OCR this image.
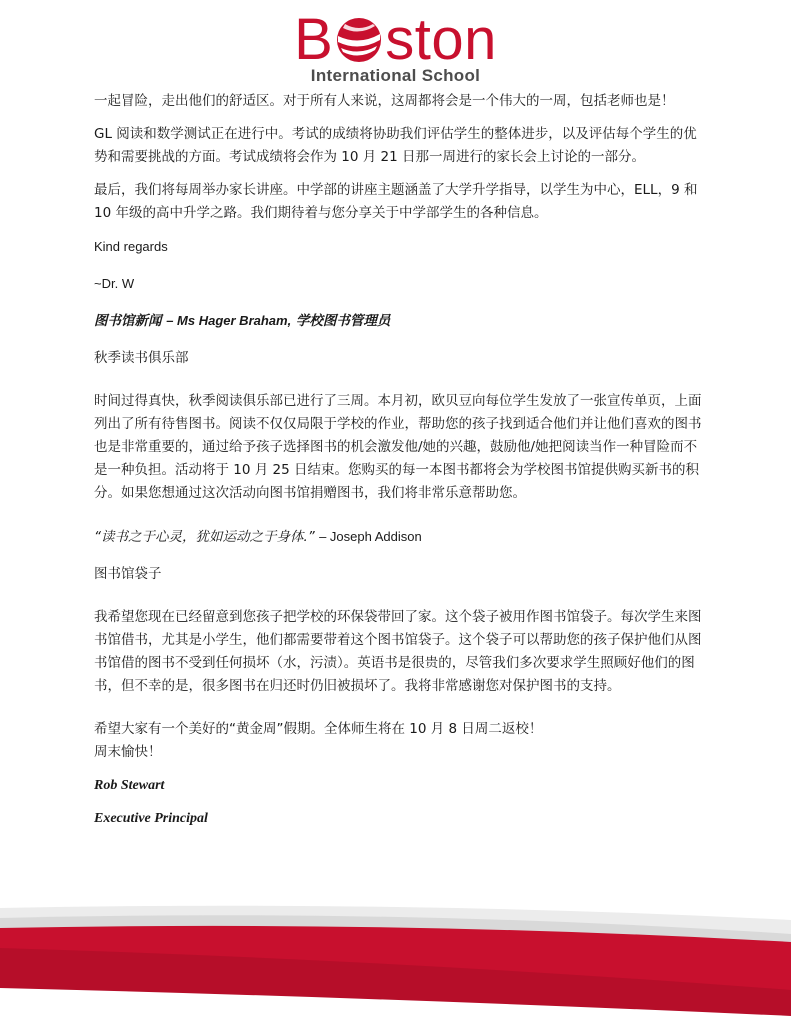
B ston
International School

一起冒险，走出他们的舒适区。对于所有人来说，这周都将会是一个伟大的一周，包括老师也是！

GL 阅读和数学测试正在进行中。考试的成绩将协助我们评估学生的整体进步，以及评估每个学生的优势和需要挑战的方面。考试成绩将会作为 10 月 21 日那一周进行的家长会上讨论的一部分。

最后，我们将每周举办家长讲座。中学部的讲座主题涵盖了大学升学指导，以学生为中心，ELL，9 和 10 年级的高中升学之路。我们期待着与您分享关于中学部学生的各种信息。

Kind regards

~Dr. W

图书馆新闻 – Ms Hager Braham, 学校图书管理员

秋季读书俱乐部

时间过得真快，秋季阅读俱乐部已进行了三周。本月初，欧贝豆向每位学生发放了一张宣传单页，上面列出了所有待售图书。阅读不仅仅局限于学校的作业，帮助您的孩子找到适合他们并让他们喜欢的图书也是非常重要的，通过给予孩子选择图书的机会激发他/她的兴趣，鼓励他/她把阅读当作一种冒险而不是一种负担。活动将于 10 月 25 日结束。您购买的每一本图书都将会为学校图书馆提供购买新书的积分。如果您想通过这次活动向图书馆捐赠图书，我们将非常乐意帮助您。

“读书之于心灵，犹如运动之于身体.” – Joseph Addison

图书馆袋子

我希望您现在已经留意到您孩子把学校的环保袋带回了家。这个袋子被用作图书馆袋子。每次学生来图书馆借书，尤其是小学生，他们都需要带着这个图书馆袋子。这个袋子可以帮助您的孩子保护他们从图书馆借的图书不受到任何损坏（水，污渍）。英语书是很贵的，尽管我们多次要求学生照顾好他们的图书，但不幸的是，很多图书在归还时仍旧被损坏了。我将非常感谢您对保护图书的支持。

希望大家有一个美好的“黄金周”假期。全体师生将在 10 月 8 日周二返校！

周末愉快！

Rob Stewart

Executive Principal
